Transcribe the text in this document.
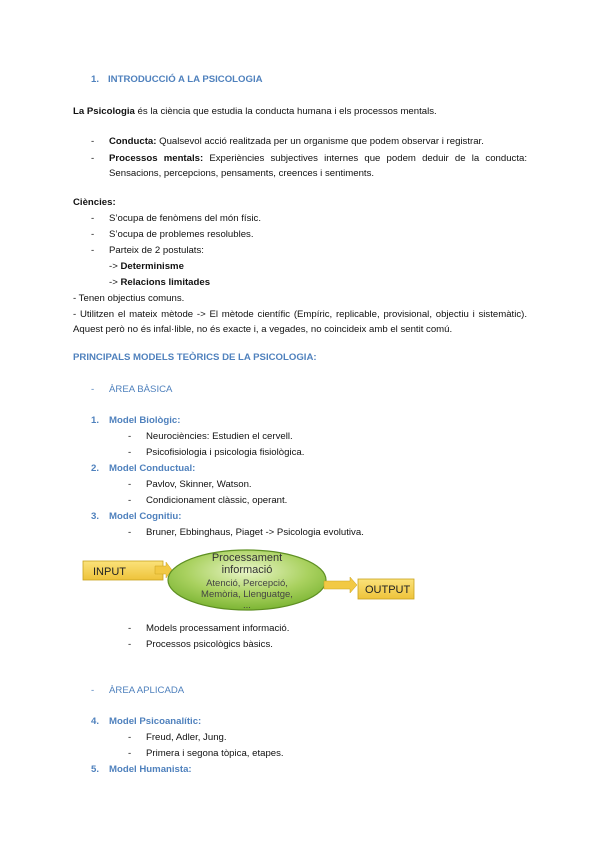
1. INTRODUCCIÓ A LA PSICOLOGIA
La Psicologia és la ciència que estudia la conducta humana i els processos mentals.
- Conducta: Qualsevol acció realitzada per un organisme que podem observar i registrar.
- Processos mentals: Experiències subjectives internes que podem deduir de la conducta:
Sensacions, percepcions, pensaments, creences i sentiments.
Ciències:
- S’ocupa de fenòmens del món físic.
- S’ocupa de problemes resolubles.
- Parteix de 2 postulats:
-> Determinisme
-> Relacions limitades
- Tenen objectius comuns.
- Utilitzen el mateix mètode -> El mètode científic (Empíric, replicable, provisional, objectiu i sistemàtic). Aquest però no és infal·lible, no és exacte i, a vegades, no coincideix amb el sentit comú.
PRINCIPALS MODELS TEÒRICS DE LA PSICOLOGIA:
- ÀREA BÀSICA
1. Model Biològic:
- Neurociències: Estudien el cervell.
- Psicofisiologia i psicologia fisiològica.
2. Model Conductual:
- Pavlov, Skinner, Watson.
- Condicionament clàssic, operant.
3. Model Cognitiu:
- Bruner, Ebbinghaus, Piaget -> Psicologia evolutiva.
INPUT
Processament
informació
Atenció, Percepció,
Memòria, Llenguatge,
...
OUTPUT
- Models processament informació.
- Processos psicològics bàsics.
- ÀREA APLICADA
4. Model Psicoanalític:
- Freud, Adler, Jung.
- Primera i segona tòpica, etapes.
5. Model Humanista:
